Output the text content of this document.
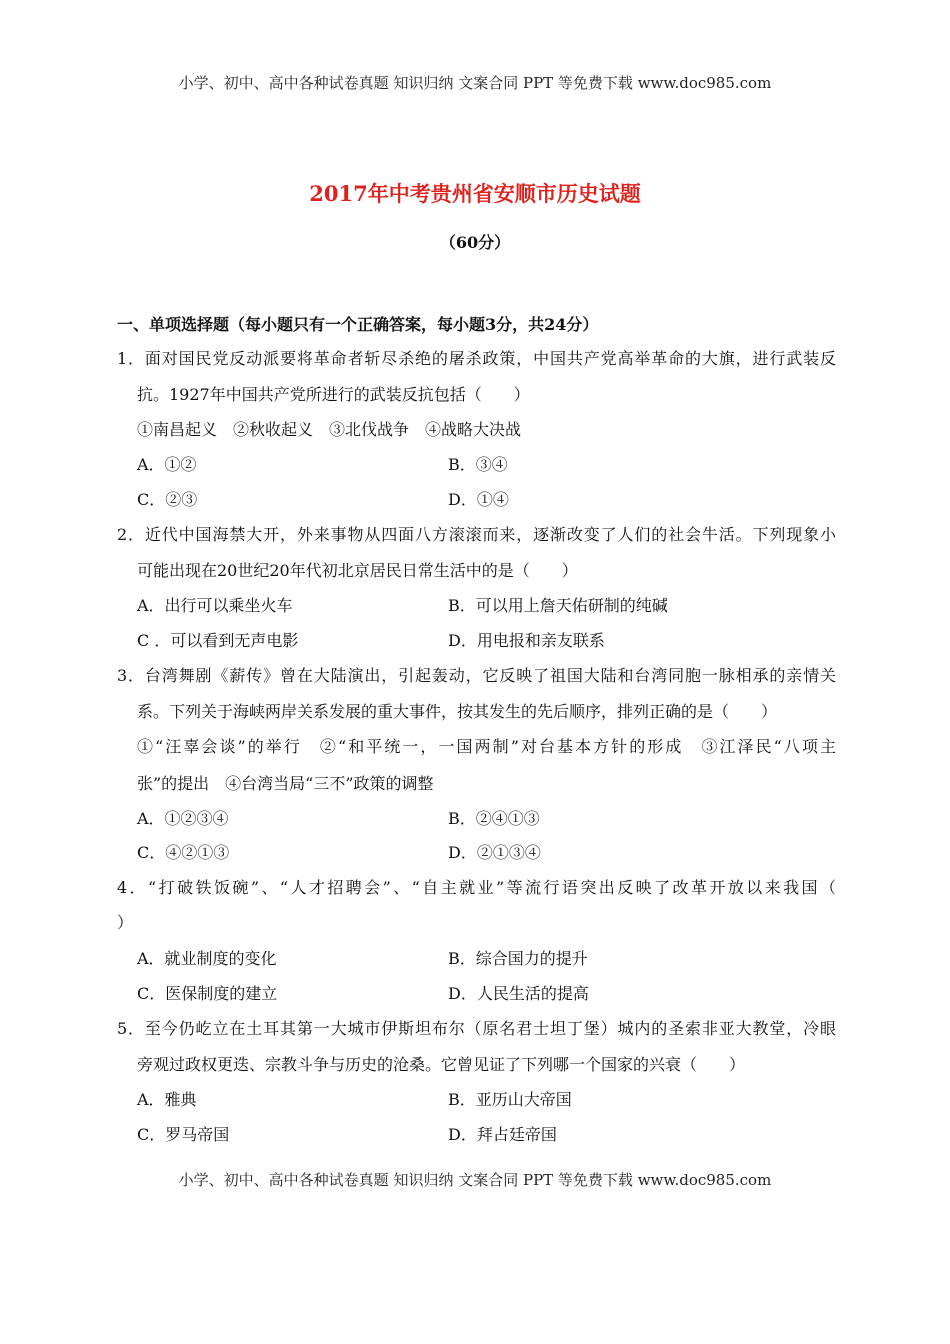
小学、初中、高中各种试卷真题 知识归纳 文案合同 PPT 等免费下载 www.doc985.com
2017年中考贵州省安顺市历史试题
（60分）
一、单项选择题（每小题只有一个正确答案，每小题3分，共24分）
1．面对国民党反动派要将革命者斩尽杀绝的屠杀政策，中国共产党高举革命的大旗，进行武装反
抗。1927年中国共产党所进行的武装反抗包括（　　）
①南昌起义　②秋收起义　③北伐战争　④战略大决战
A．①②	B．③④
C．②③	D．①④
2．近代中国海禁大开，外来事物从四面八方滚滚而来，逐渐改变了人们的社会牛活。下列现象小
可能出现在20世纪20年代初北京居民日常生活中的是（　　）
A．出行可以乘坐火车	B．可以用上詹天佑研制的纯碱
C ．可以看到无声电影	D．用电报和亲友联系
3．台湾舞剧《薪传》曾在大陆演出，引起轰动，它反映了祖国大陆和台湾同胞一脉相承的亲情关
系。下列关于海峡两岸关系发展的重大事件，按其发生的先后顺序，排列正确的是（　　）
①“汪辜会谈”的举行　②“和平统一，一国两制”对台基本方针的形成　③江泽民“八项主
张”的提出　④台湾当局“三不”政策的调整
A．①②③④	B．②④①③
C．④②①③	D．②①③④
4．“打破铁饭碗”、“人才招聘会”、“自主就业”等流行语突出反映了改革开放以来我国（
）
A．就业制度的变化	B．综合国力的提升
C．医保制度的建立	D．人民生活的提高
5．至今仍屹立在土耳其第一大城市伊斯坦布尔（原名君士坦丁堡）城内的圣索非亚大教堂，冷眼
旁观过政权更迭、宗教斗争与历史的沧桑。它曾见证了下列哪一个国家的兴衰（　　）
A．雅典	B．亚历山大帝国
C．罗马帝国	D．拜占廷帝国
小学、初中、高中各种试卷真题 知识归纳 文案合同 PPT 等免费下载 www.doc985.com
